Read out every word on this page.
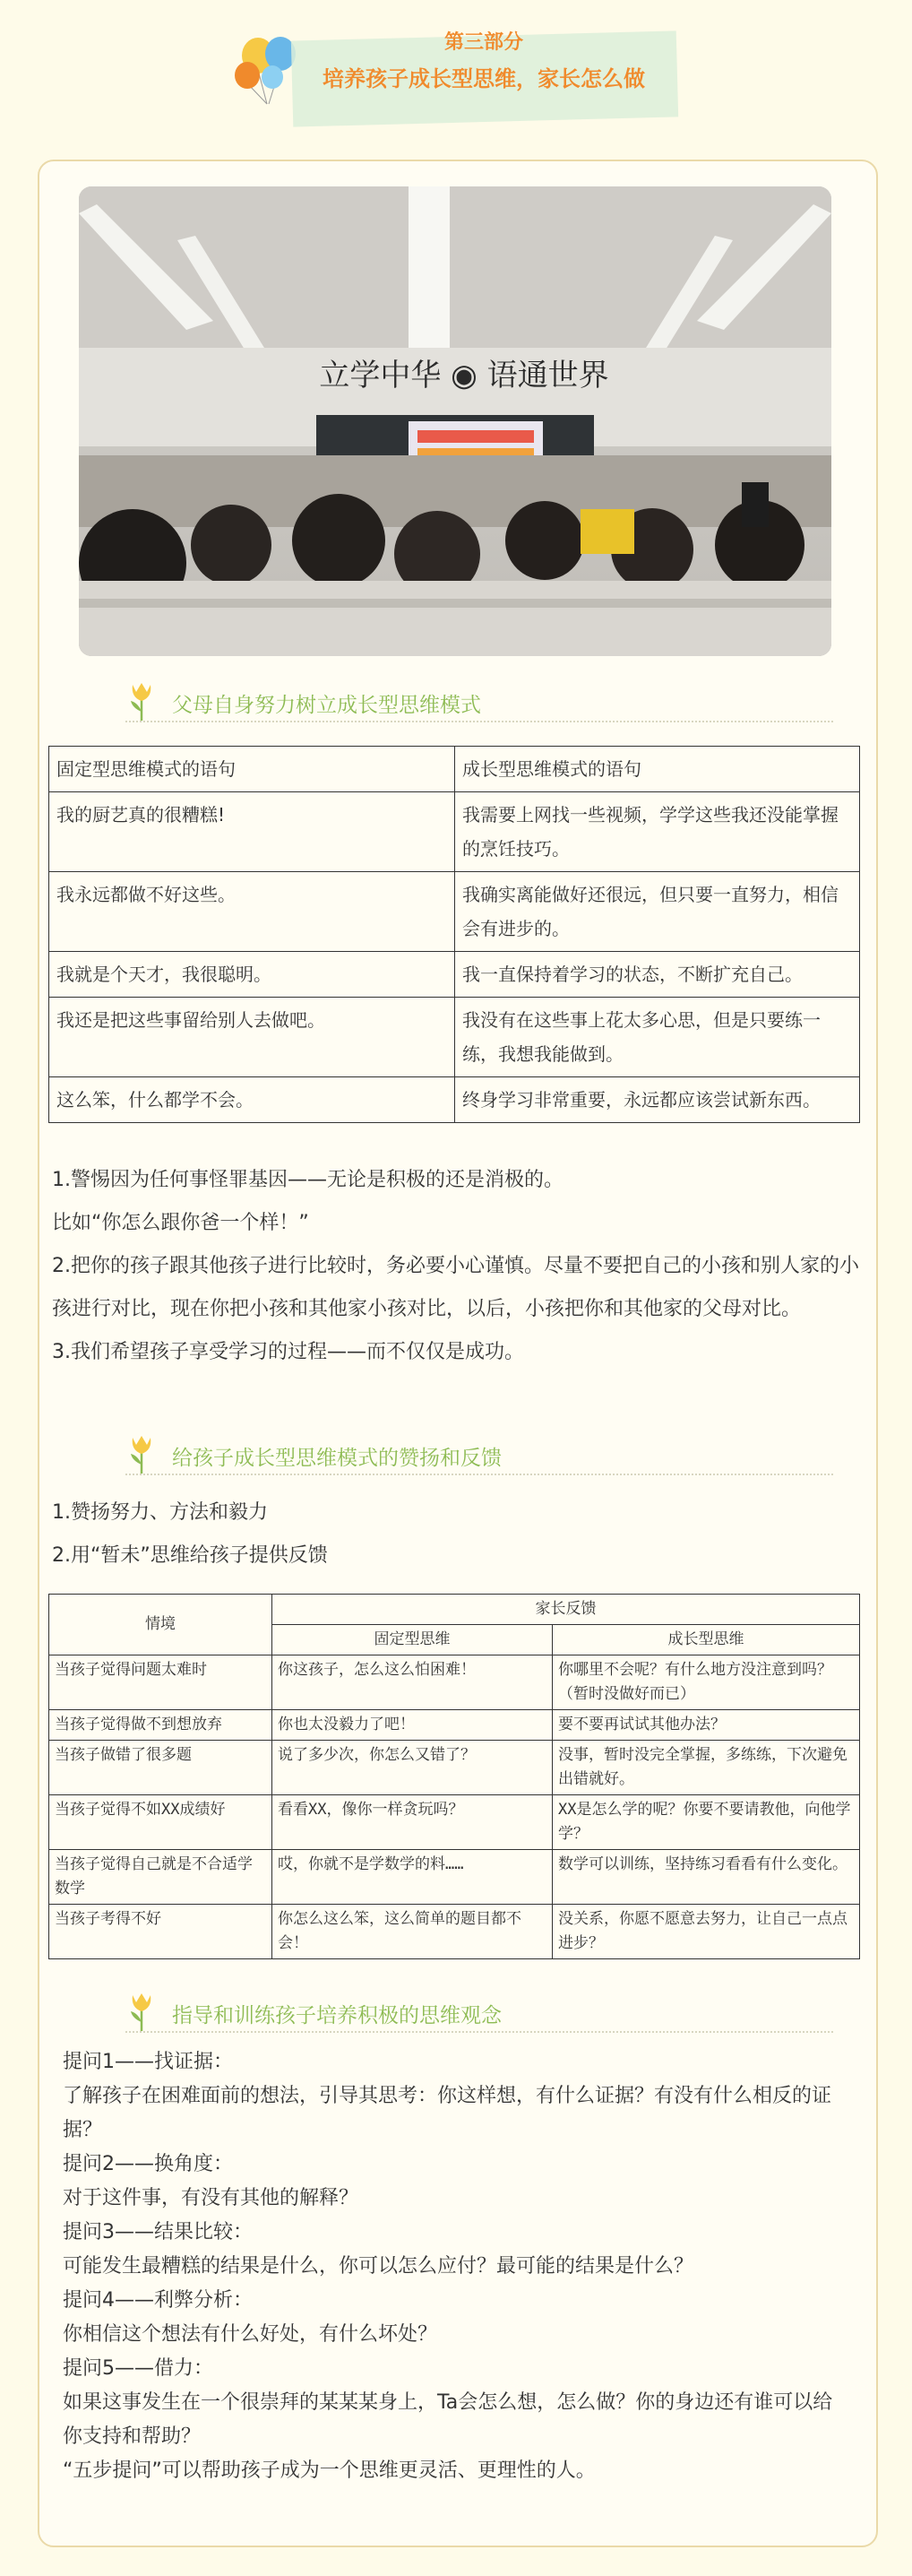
第三部分
培养孩子成长型思维，家长怎么做
立学中华 ◉ 语通世界
父母自身努力树立成长型思维模式
固定型思维模式的语句	成长型思维模式的语句
我的厨艺真的很糟糕!	我需要上网找一些视频，学学这些我还没能掌握的烹饪技巧。
我永远都做不好这些。	我确实离能做好还很远，但只要一直努力，相信会有进步的。
我就是个天才，我很聪明。	我一直保持着学习的状态，不断扩充自己。
我还是把这些事留给别人去做吧。	我没有在这些事上花太多心思，但是只要练一练，我想我能做到。
这么笨，什么都学不会。	终身学习非常重要，永远都应该尝试新东西。
1.警惕因为任何事怪罪基因——无论是积极的还是消极的。
比如“你怎么跟你爸一个样！”
2.把你的孩子跟其他孩子进行比较时，务必要小心谨慎。尽量不要把自己的小孩和别人家的小孩进行对比，现在你把小孩和其他家小孩对比，以后，小孩把你和其他家的父母对比。
3.我们希望孩子享受学习的过程——而不仅仅是成功。
给孩子成长型思维模式的赞扬和反馈
1.赞扬努力、方法和毅力
2.用“暂未”思维给孩子提供反馈
情境	家长反馈	
	固定型思维	成长型思维
当孩子觉得问题太难时	你这孩子，怎么这么怕困难！	你哪里不会呢？有什么地方没注意到吗？（暂时没做好而已）
当孩子觉得做不到想放弃	你也太没毅力了吧！	要不要再试试其他办法？
当孩子做错了很多题	说了多少次，你怎么又错了？	没事，暂时没完全掌握，多练练，下次避免出错就好。
当孩子觉得不如XX成绩好	看看XX，像你一样贪玩吗？	XX是怎么学的呢？你要不要请教他，向他学学？
当孩子觉得自己就是不合适学数学	哎，你就不是学数学的料……	数学可以训练，坚持练习看看有什么变化。
当孩子考得不好	你怎么这么笨，这么简单的题目都不会！	没关系，你愿不愿意去努力，让自己一点点进步？
指导和训练孩子培养积极的思维观念
提问1——找证据：
了解孩子在困难面前的想法，引导其思考：你这样想，有什么证据？有没有什么相反的证据？
提问2——换角度：
对于这件事，有没有其他的解释？
提问3——结果比较：
可能发生最糟糕的结果是什么，你可以怎么应付？最可能的结果是什么？
提问4——利弊分析：
你相信这个想法有什么好处，有什么坏处？
提问5——借力：
如果这事发生在一个很崇拜的某某某身上，Ta会怎么想，怎么做？你的身边还有谁可以给你支持和帮助？
“五步提问”可以帮助孩子成为一个思维更灵活、更理性的人。
